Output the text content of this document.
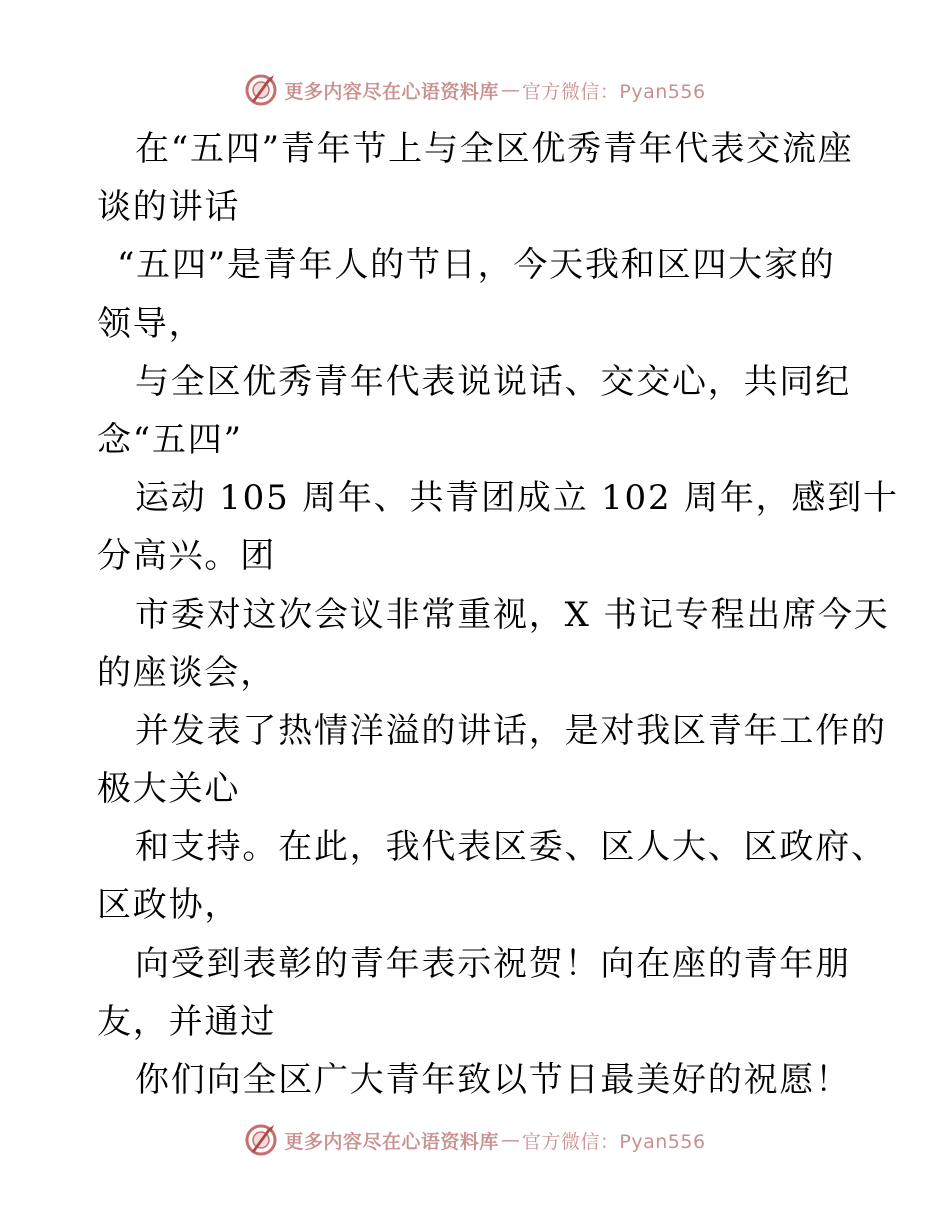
更多内容尽在心语资料库 — 官方微信：Pyan556
在“五四”青年节上与全区优秀青年代表交流座
谈的讲话
“五四”是青年人的节日，今天我和区四大家的
领导，
与全区优秀青年代表说说话、交交心，共同纪
念“五四”
运动 105 周年、共青团成立 102 周年，感到十
分高兴。团
市委对这次会议非常重视，X 书记专程出席今天
的座谈会，
并发表了热情洋溢的讲话，是对我区青年工作的
极大关心
和支持。在此，我代表区委、区人大、区政府、
区政协，
向受到表彰的青年表示祝贺！向在座的青年朋
友，并通过
你们向全区广大青年致以节日最美好的祝愿！
更多内容尽在心语资料库 — 官方微信：Pyan556
